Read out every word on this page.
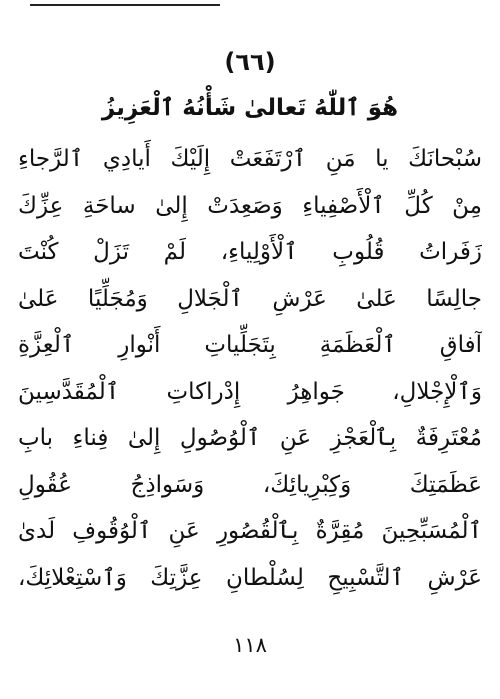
(٦٦)
هُوَ ٱللّٰهُ تَعالىٰ شَأْنُهُ ٱلْعَزِيزُ
سُبْحانَكَ يا مَنِ ٱرْتَفَعَتْ إِلَيْكَ أَيادِي ٱلرَّجاءِ
مِنْ كُلِّ ٱلْأَصْفِياءِ وَصَعِدَتْ إِلىٰ ساحَةِ عِزِّكَ
زَفَراتُ قُلُوبِ ٱلْأَوْلِياءِ، لَمْ تَزَلْ كُنْتَ
جالِسًا عَلىٰ عَرْشِ ٱلْجَلالِ وَمُجَلِّيًا عَلىٰ
آفاقِ ٱلْعَظَمَةِ بِتَجَلِّياتِ أَنْوارِ ٱلْعِزَّةِ
وَٱلْإِجْلالِ، جَواهِرُ إِدْراكاتِ ٱلْمُقَدَّسِينَ
مُعْتَرِفَةٌ بِٱلْعَجْزِ عَنِ ٱلْوُصُولِ إِلىٰ فِناءِ بابِ
عَظَمَتِكَ وَكِبْرِيائِكَ، وَسَواذِجُ عُقُولِ
ٱلْمُسَبِّحِينَ مُقِرَّةٌ بِٱلْقُصُورِ عَنِ ٱلْوُقُوفِ لَدىٰ
عَرْشِ ٱلتَّسْبِيحِ لِسُلْطانِ عِزَّتِكَ وَٱسْتِعْلائِكَ،
١١٨
